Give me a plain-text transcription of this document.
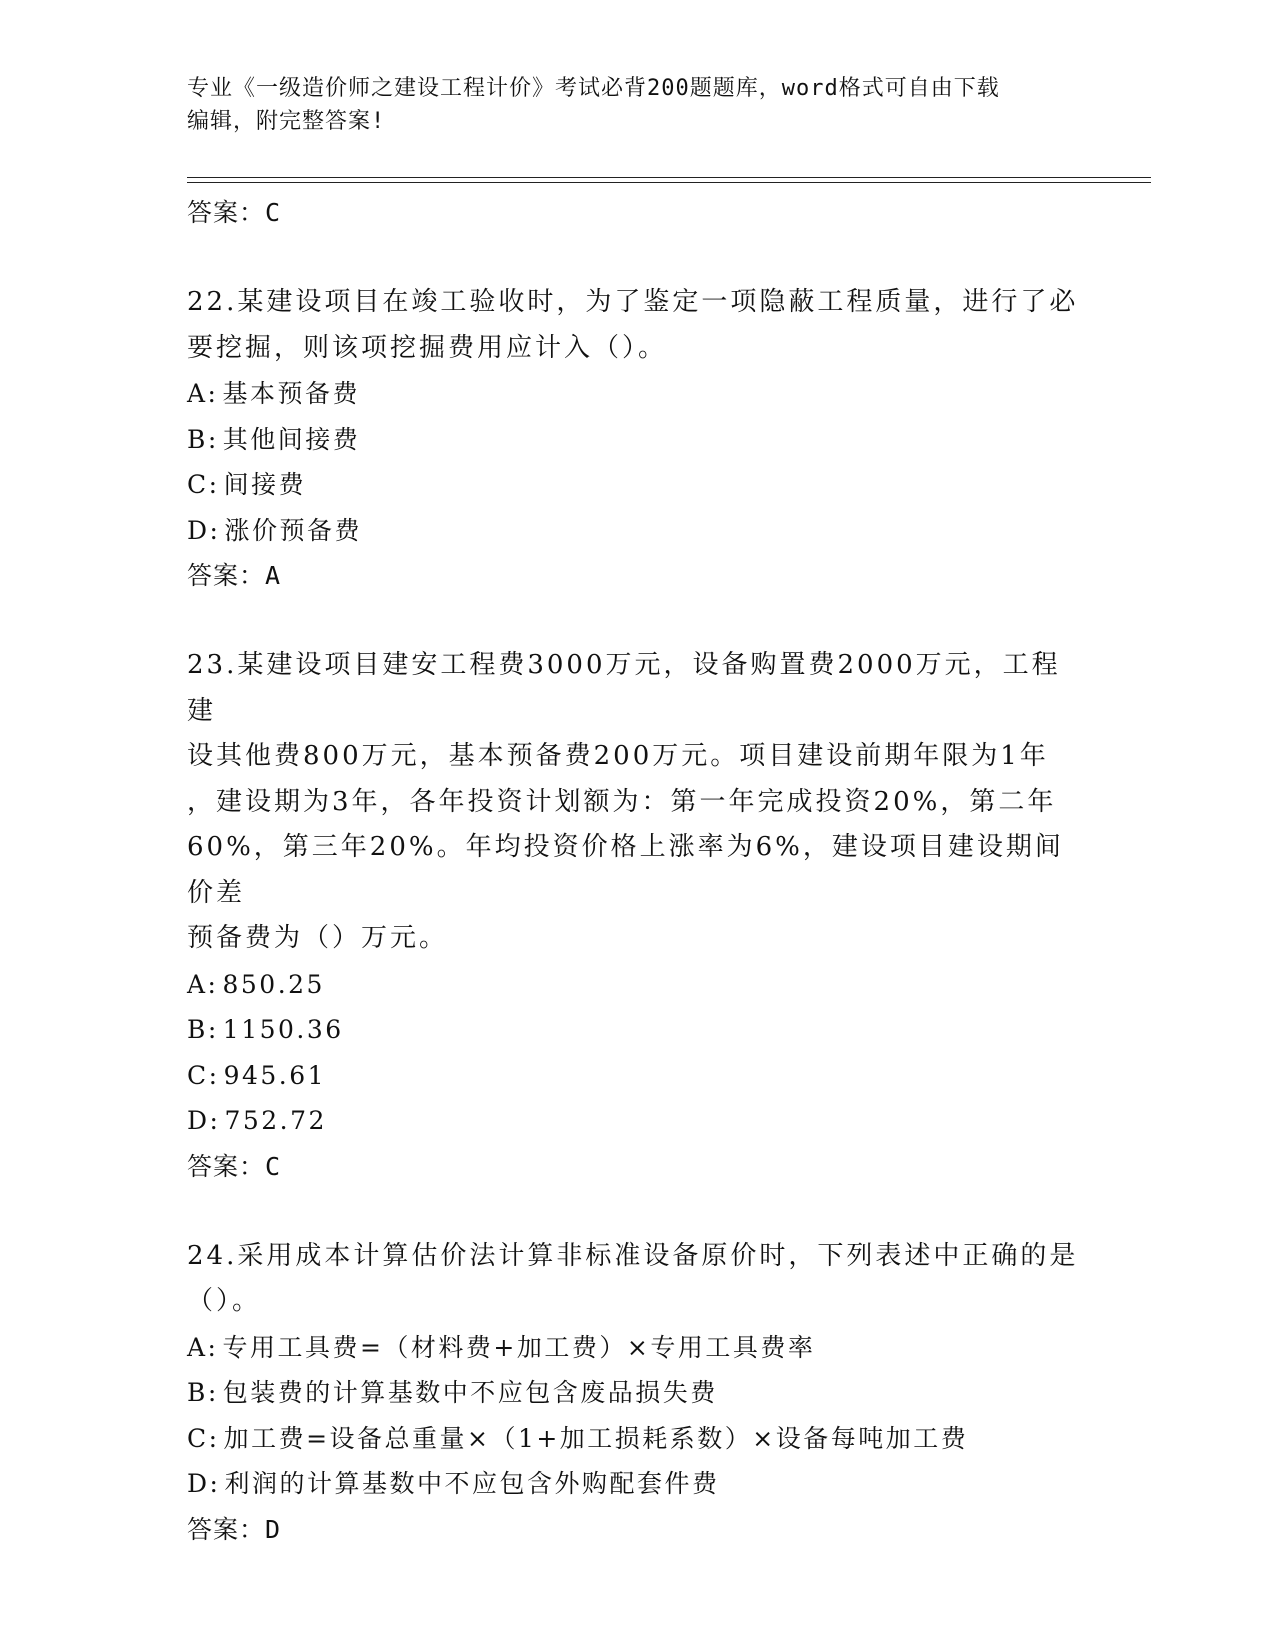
专业《一级造价师之建设工程计价》考试必背200题题库，word格式可自由下载
编辑，附完整答案!
答案：C
22.某建设项目在竣工验收时，为了鉴定一项隐蔽工程质量，进行了必
要挖掘，则该项挖掘费用应计入（）。
A: 基本预备费
B: 其他间接费
C: 间接费
D: 涨价预备费
答案：A
23.某建设项目建安工程费3000万元，设备购置费2000万元，工程建
设其他费800万元，基本预备费200万元。项目建设前期年限为1年
，建设期为3年，各年投资计划额为：第一年完成投资20%，第二年
60%，第三年20%。年均投资价格上涨率为6%，建设项目建设期间价差
预备费为（）万元。
A: 850.25
B: 1150.36
C: 945.61
D: 752.72
答案：C
24.采用成本计算估价法计算非标准设备原价时，下列表述中正确的是
（）。
A: 专用工具费=（材料费+加工费）×专用工具费率
B: 包装费的计算基数中不应包含废品损失费
C: 加工费=设备总重量×（1+加工损耗系数）×设备每吨加工费
D: 利润的计算基数中不应包含外购配套件费
答案：D
